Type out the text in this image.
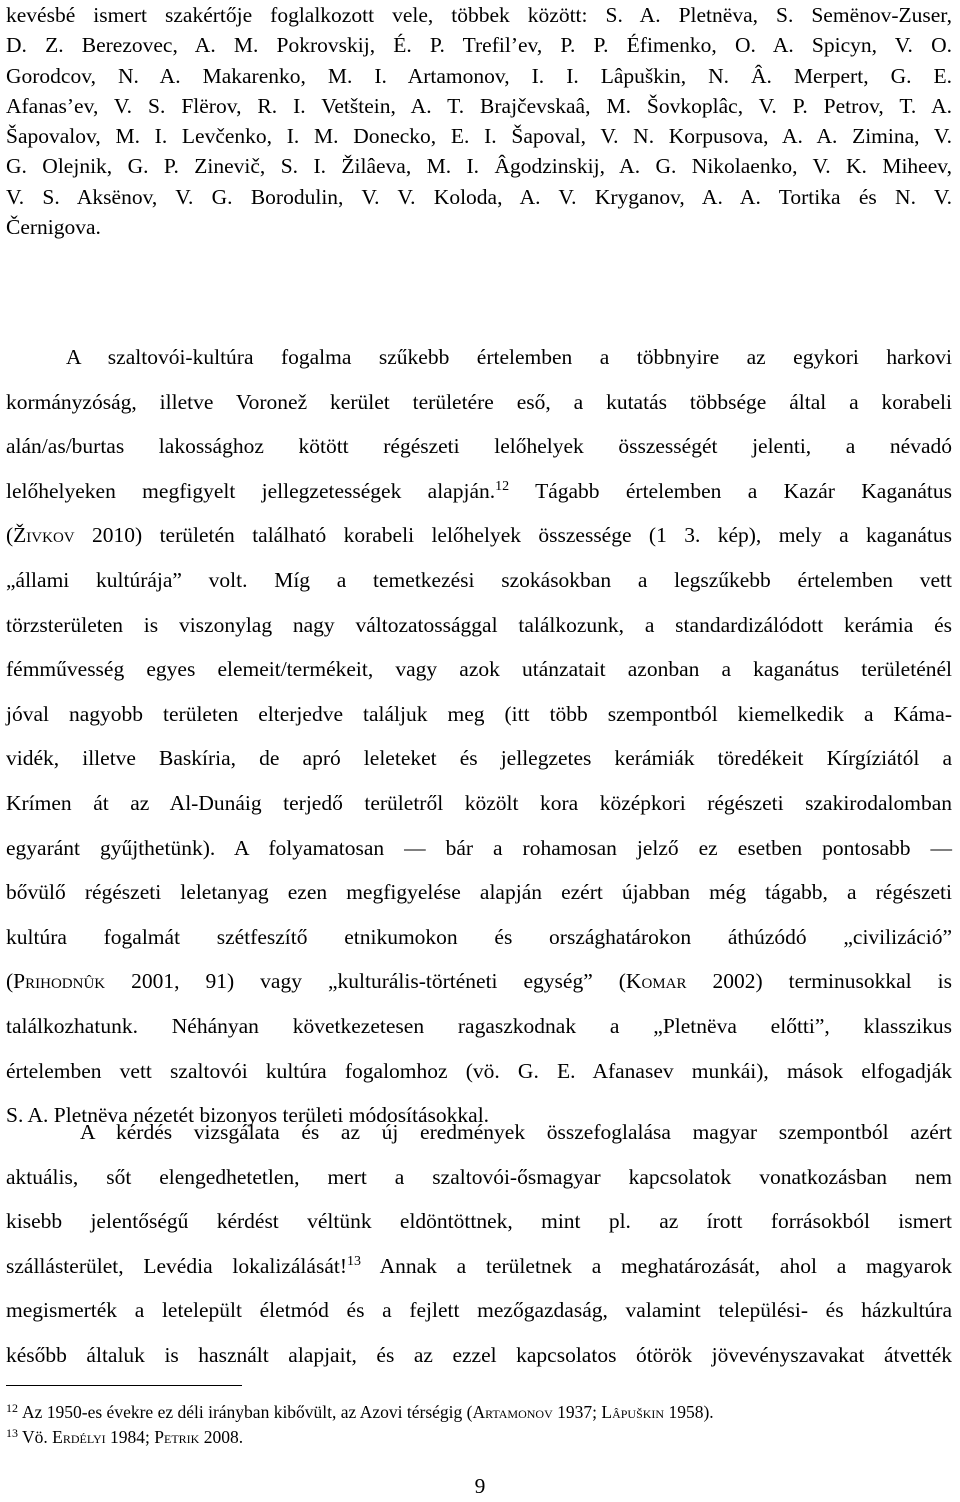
kevésbé ismert szakértője foglalkozott vele, többek között: S. A. Pletnëva, S. Semënov-Zuser,
D. Z. Berezovec, A. M. Pokrovskij, É. P. Trefil’ev, P. P. Éfimenko, O. A. Spicyn, V. O.
Gorodcov, N. A. Makarenko, M. I. Artamonov, I. I. Lâpuškin, N. Â. Merpert, G. E.
Afanas’ev, V. S. Flërov, R. I. Vetštein, A. T. Brajčevskaâ, M. Šovkoplâc, V. P. Petrov, T. A.
Šapovalov, M. I. Levčenko, I. M. Donecko, E. I. Šapoval, V. N. Korpusova, A. A. Zimina, V.
G. Olejnik, G. P. Zinevič, S. I. Žilâeva, M. I. Âgodzinskij, A. G. Nikolaenko, V. K. Miheev,
V. S. Aksënov, V. G. Borodulin, V. V. Koloda, A. V. Kryganov, A. A. Tortika és N. V.
Černigova.
A szaltovói-kultúra fogalma szűkebb értelemben a többnyire az egykori harkovi
kormányzóság, illetve Voronež kerület területére eső, a kutatás többsége által a korabeli
alán/as/burtas lakossághoz kötött régészeti lelőhelyek összességét jelenti, a névadó
lelőhelyeken megfigyelt jellegzetességek alapján.$^{12}$ Tágabb értelemben a Kazár Kaganátus
(Živkov 2010) területén található korabeli lelőhelyek összessége (1 3. kép), mely a kaganátus
„állami kultúrája” volt. Míg a temetkezési szokásokban a legszűkebb értelemben vett
törzsterületen is viszonylag nagy változatossággal találkozunk, a standardizálódott kerámia és
fémművesség egyes elemeit/termékeit, vagy azok utánzatait azonban a kaganátus területénél
jóval nagyobb területen elterjedve találjuk meg (itt több szempontból kiemelkedik a Káma-
vidék, illetve Baskíria, de apró leleteket és jellegzetes kerámiák töredékeit Kírgíziától a
Krímen át az Al-Dunáig terjedő területről közölt kora középkori régészeti szakirodalomban
egyaránt gyűjthetünk). A folyamatosan — bár a rohamosan jelző ez esetben pontosabb —
bővülő régészeti leletanyag ezen megfigyelése alapján ezért újabban még tágabb, a régészeti
kultúra fogalmát szétfeszítő etnikumokon és országhatárokon áthúzódó „civilizáció”
(Prihodnûk 2001, 91) vagy „kulturális-történeti egység” (Komar 2002) terminusokkal is
találkozhatunk. Néhányan következetesen ragaszkodnak a „Pletnëva előtti”, klasszikus
értelemben vett szaltovói kultúra fogalomhoz (vö. G. E. Afanasev munkái), mások elfogadják
S. A. Pletnëva nézetét bizonyos területi módosításokkal.
A kérdés vizsgálata és az új eredmények összefoglalása magyar szempontból azért
aktuális, sőt elengedhetetlen, mert a szaltovói-ősmagyar kapcsolatok vonatkozásban nem
kisebb jelentőségű kérdést véltünk eldöntöttnek, mint pl. az írott forrásokból ismert
szállásterület, Levédia lokalizálását!$^{13}$ Annak a területnek a meghatározását, ahol a magyarok
megismerték a letelepült életmód és a fejlett mezőgazdaság, valamint települési- és házkultúra
később általuk is használt alapjait, és az ezzel kapcsolatos ótörök jövevényszavakat átvették
$^{12}$ Az 1950-es évekre ez déli irányban kibővült, az Azovi térségig (Artamonov 1937; Lâpuškin 1958).
$^{13}$ Vö. Erdélyi 1984; Petrik 2008.
9
